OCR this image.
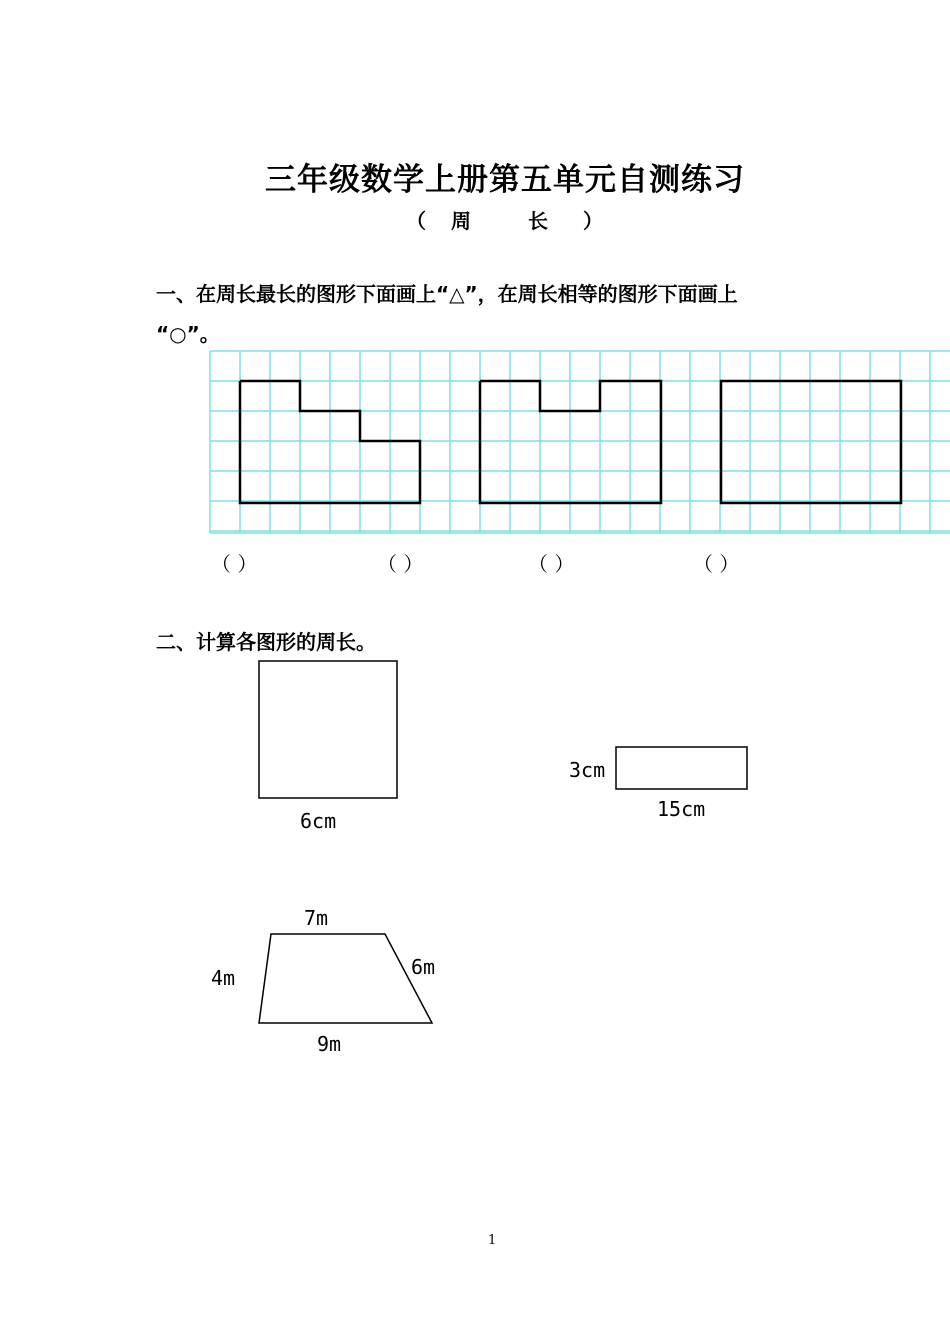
三年级数学上册第五单元自测练习
（ 周	长 ）
一、在周长最长的图形下面画上“△”，在周长相等的图形下面画上
“○”。
（ ）	（ ）	（ ）	（ ）
二、计算各图形的周长。
6cm
3cm
15cm
7m
4m	6m
9m
1
